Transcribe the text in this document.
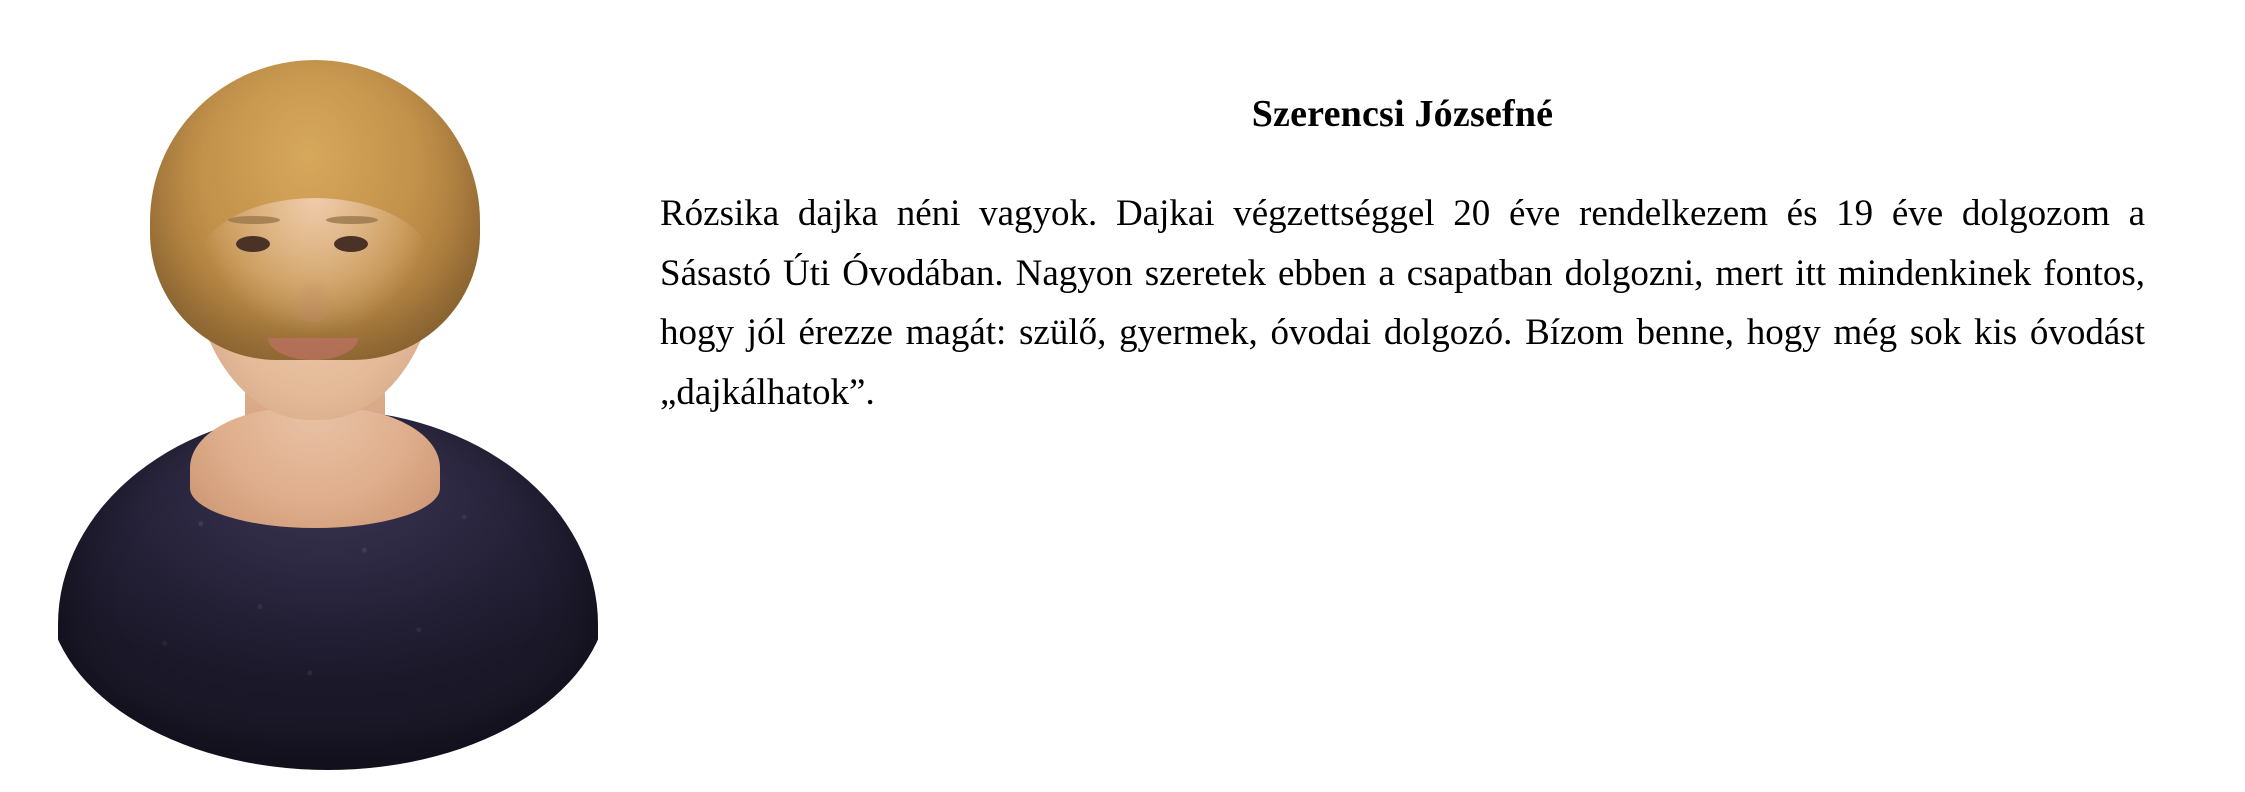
Szerencsi Józsefné

Rózsika dajka néni vagyok. Dajkai végzettséggel 20 éve rendelkezem és 19 éve dolgozom a Sásastó Úti Óvodában. Nagyon szeretek ebben a csapatban dolgozni, mert itt mindenkinek fontos, hogy jól érezze magát: szülő, gyermek, óvodai dolgozó. Bízom benne, hogy még sok kis óvodást „dajkálhatok”.
